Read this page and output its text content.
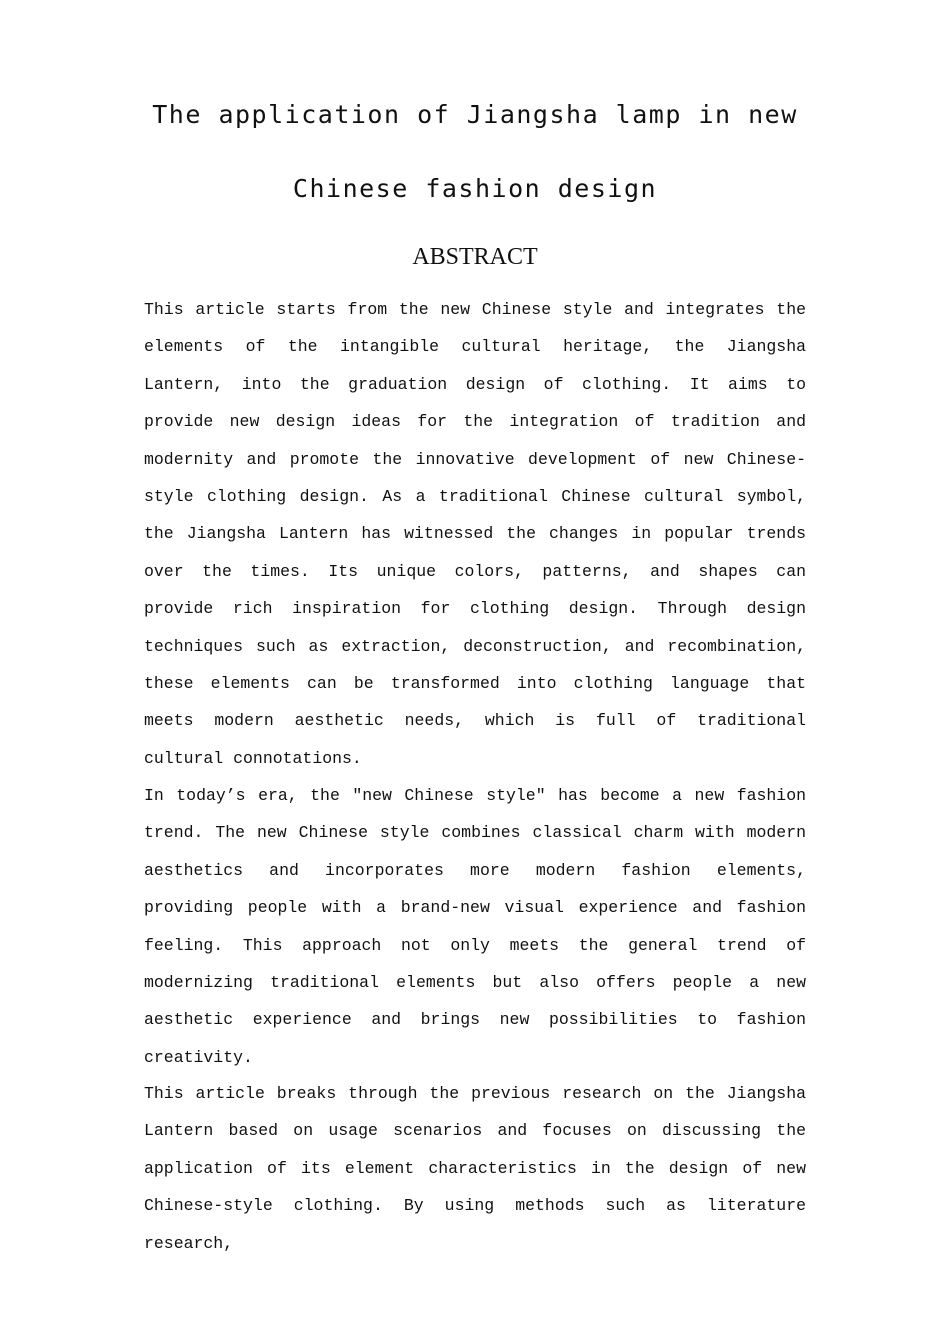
The application of Jiangsha lamp in new
Chinese fashion design
ABSTRACT

This article starts from the new Chinese style and integrates the elements of the intangible cultural heritage, the Jiangsha Lantern, into the graduation design of clothing. It aims to provide new design ideas for the integration of tradition and modernity and promote the innovative development of new Chinese-style clothing design. As a traditional Chinese cultural symbol, the Jiangsha Lantern has witnessed the changes in popular trends over the times. Its unique colors, patterns, and shapes can provide rich inspiration for clothing design. Through design techniques such as extraction, deconstruction, and recombination, these elements can be transformed into clothing language that meets modern aesthetic needs, which is full of traditional cultural connotations.

In today’s era, the ″new Chinese style″ has become a new fashion trend. The new Chinese style combines classical charm with modern aesthetics and incorporates more modern fashion elements, providing people with a brand-new visual experience and fashion feeling. This approach not only meets the general trend of modernizing traditional elements but also offers people a new aesthetic experience and brings new possibilities to fashion creativity.

This article breaks through the previous research on the Jiangsha Lantern based on usage scenarios and focuses on discussing the application of its element characteristics in the design of new Chinese-style clothing. By using methods such as literature research,
